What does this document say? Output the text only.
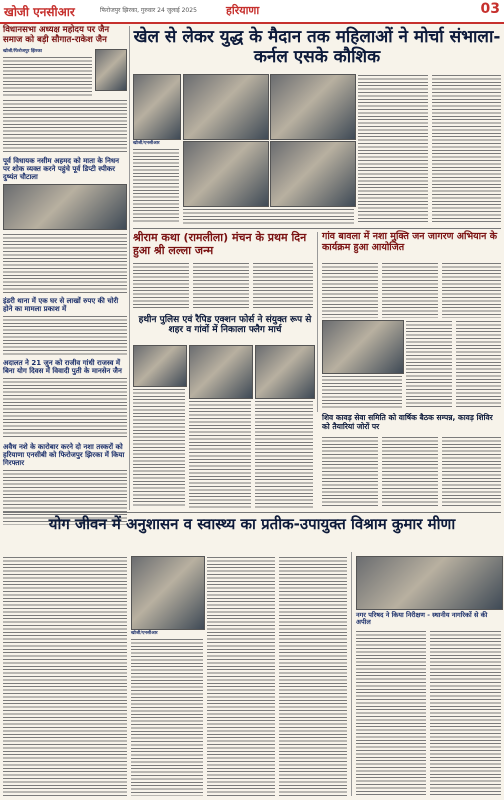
खोजी एनसीआर	फिरोजपुर झिरका, गुरुवार 24 जुलाई 2025	हरियाणा	03

विधानसभा अध्यक्ष महोदय पर जैन समाज को बड़ी सौगात-राकेश जैन

खोजी/फिरोजपुर झिरका

पूर्व विधायक नसीम अहमद को माता के निधन पर शोक व्यक्त करने पहुंचे पूर्व डिप्टी स्पीकर दुष्यंत चौटाला

इंडरी थाना में एक घर से लाखों रुपए की चोरी होने का मामला प्रकाश में

अदालत ने 21 जुन को राजीव गांधी राजस्व में बिना योग दिवस में विवादी पुती के मानसेन जैन

अवैध नशे के कारोबार करने दो नशा तस्करों को हरियाणा एनसीबी को फिरोजपुर झिरका में किया गिरफ्तार

खेल से लेकर युद्ध के मैदान तक महिलाओं ने मोर्चा संभाला-कर्नल एसके कौशिक
खोजी/एनसीआर
श्रीराम कथा (रामलीला) मंचन के प्रथम दिन हुआ श्री लल्ला जन्म
गांव बावला में नशा मुक्ति जन जागरण अभियान के कार्यक्रम हुआ आयोजित
हथीन पुलिस एवं रैपिड एक्शन फोर्स ने संयुक्त रूप से शहर व गांवों में निकाला फ्लैग मार्च
शिव कावड़ सेवा समिति को वार्षिक बैठक सम्पन्न, कावड़ शिविर को तैयारियां जोरों पर
योग जीवन में अनुशासन व स्वास्थ्य का प्रतीक-उपायुक्त विश्राम कुमार मीणा
खोजी/एनसीआर
नगर परिषद ने किया निरीक्षण - स्थानीय नागरिकों से की अपील
